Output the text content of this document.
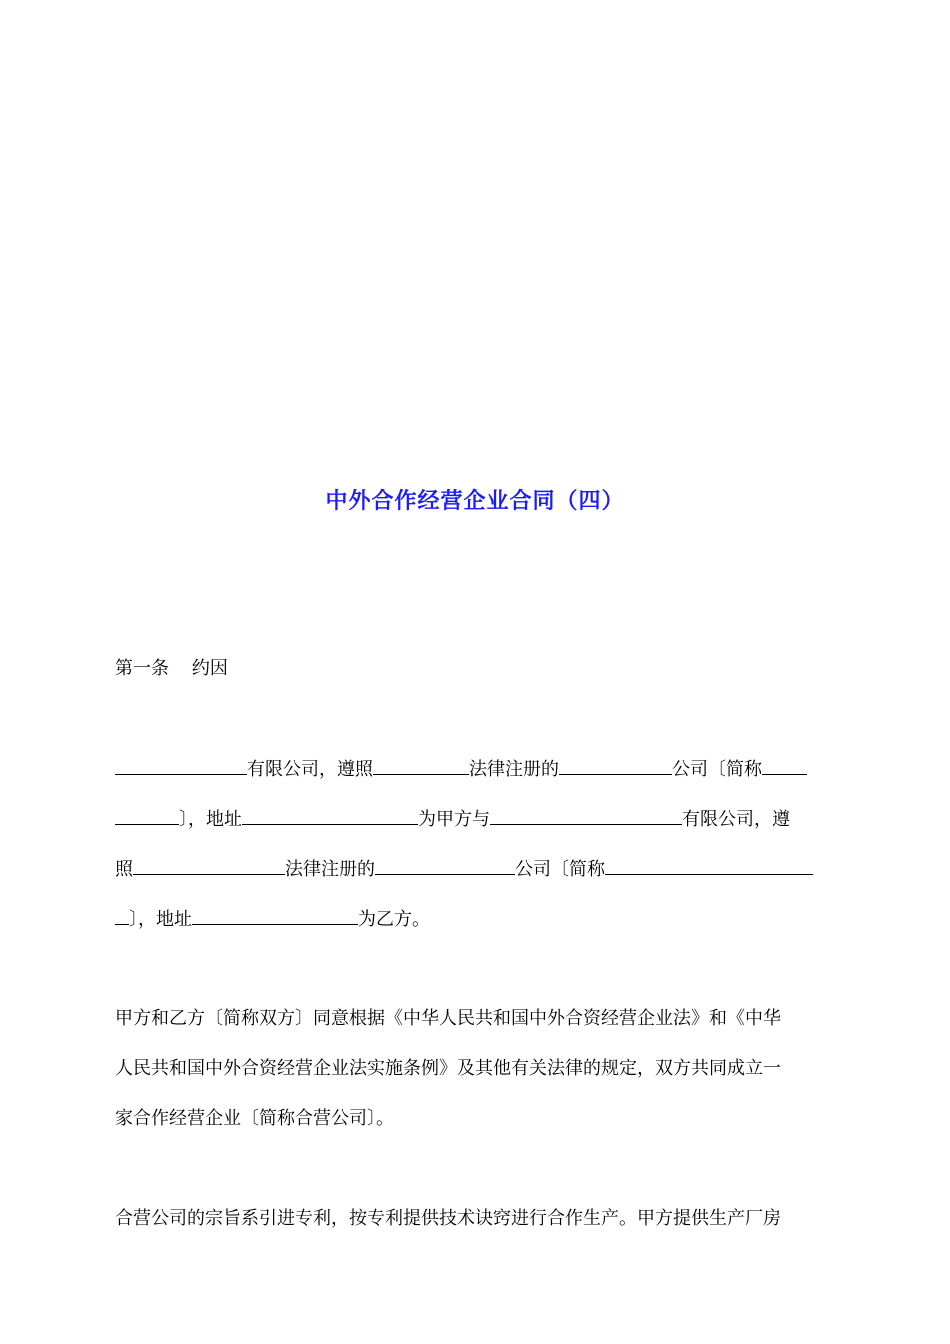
中外合作经营企业合同（四）

第一条    约因

有限公司，遵照	法律注册的	公司〔简称
〕，地址	为甲方与	有限公司，遵
照	法律注册的	公司〔简称
〕，地址	为乙方。
甲方和乙方〔简称双方〕同意根据《中华人民共和国中外合资经营企业法》和《中华
人民共和国中外合资经营企业法实施条例》及其他有关法律的规定，双方共同成立一
家合作经营企业〔简称合营公司〕。
合营公司的宗旨系引进专利，按专利提供技术诀窍进行合作生产。甲方提供生产厂房
